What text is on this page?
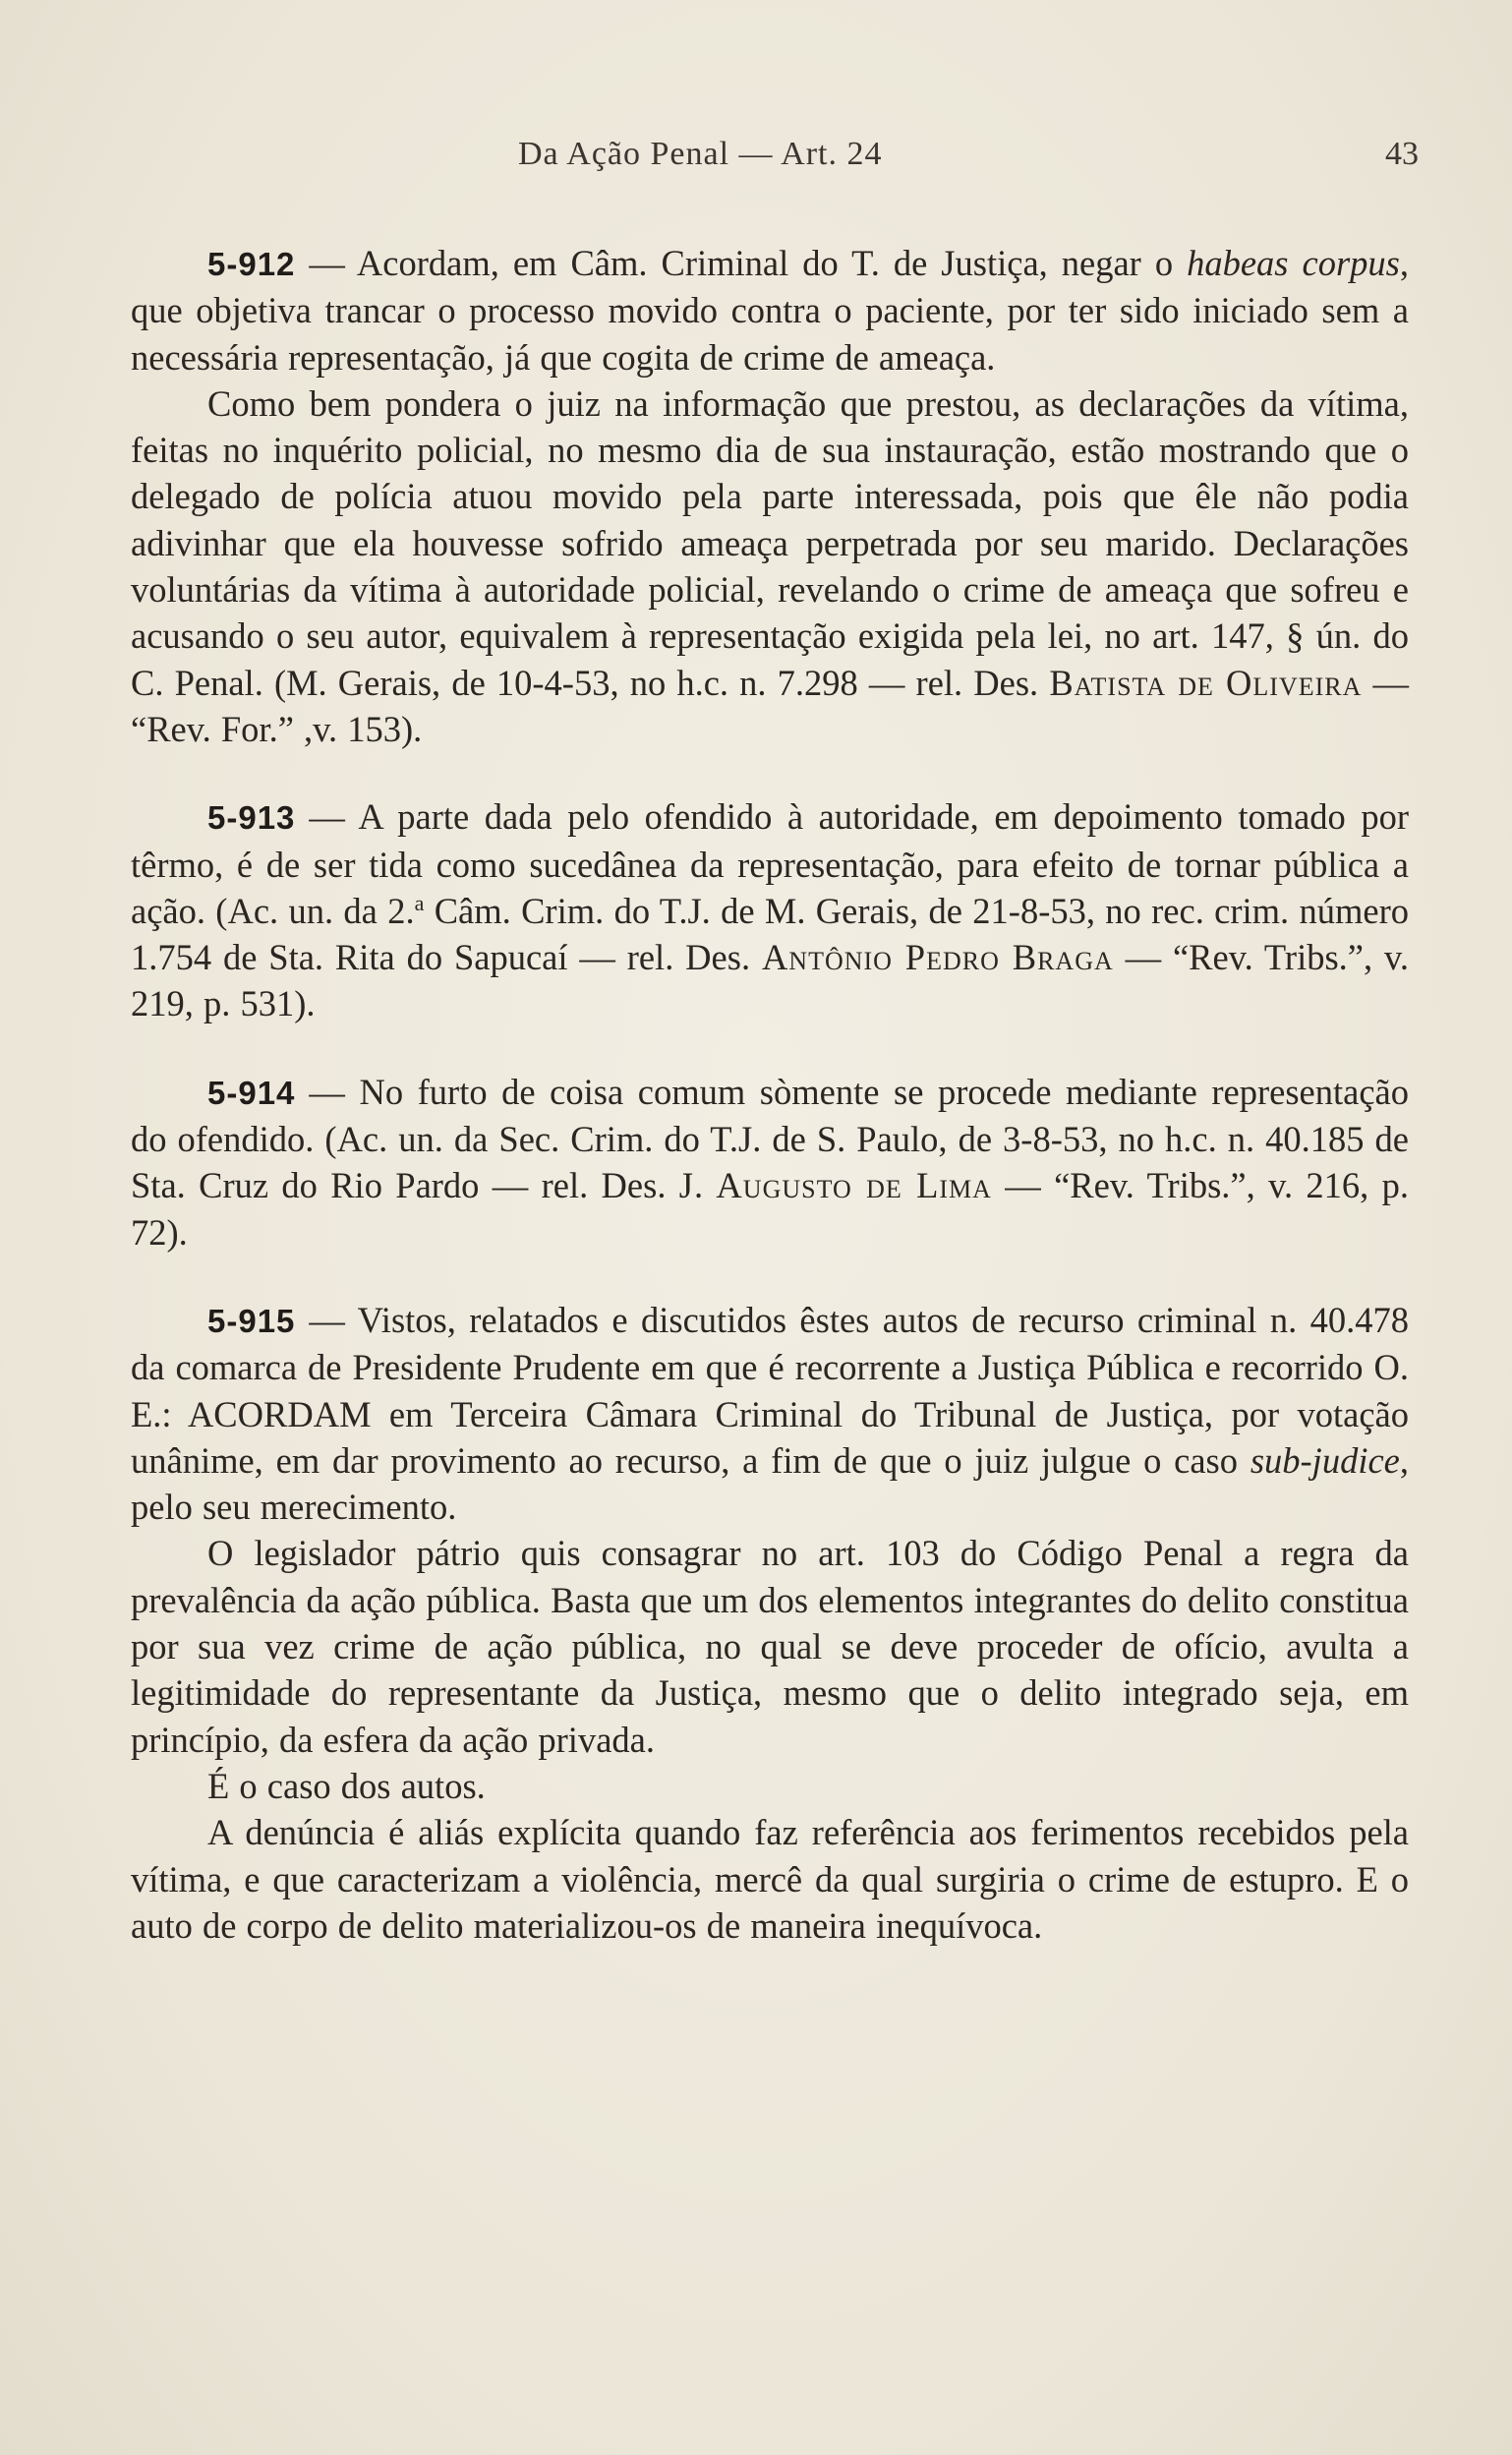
Da Ação Penal — Art. 24	43

5-912 — Acordam, em Câm. Criminal do T. de Justiça, negar o habeas corpus, que objetiva trancar o processo movido contra o paciente, por ter sido iniciado sem a necessária representação, já que cogita de crime de ameaça.

Como bem pondera o juiz na informação que prestou, as declarações da vítima, feitas no inquérito policial, no mesmo dia de sua instauração, estão mostrando que o delegado de polícia atuou movido pela parte interessada, pois que êle não podia adivinhar que ela houvesse sofrido ameaça perpetrada por seu marido. Declarações voluntárias da vítima à autoridade policial, revelando o crime de ameaça que sofreu e acusando o seu autor, equivalem à representação exigida pela lei, no art. 147, § ún. do C. Penal. (M. Gerais, de 10-4-53, no h.c. n. 7.298 — rel. Des. Batista de Oliveira — “Rev. For.” ,v. 153).

5-913 — A parte dada pelo ofendido à autoridade, em depoimento tomado por têrmo, é de ser tida como sucedânea da representação, para efeito de tornar pública a ação. (Ac. un. da 2.$^a$ Câm. Crim. do T.J. de M. Gerais, de 21-8-53, no rec. crim. número 1.754 de Sta. Rita do Sapucaí — rel. Des. Antônio Pedro Braga — “Rev. Tribs.”, v. 219, p. 531).

5-914 — No furto de coisa comum sòmente se procede mediante representação do ofendido. (Ac. un. da Sec. Crim. do T.J. de S. Paulo, de 3-8-53, no h.c. n. 40.185 de Sta. Cruz do Rio Pardo — rel. Des. J. Augusto de Lima — “Rev. Tribs.”, v. 216, p. 72).

5-915 — Vistos, relatados e discutidos êstes autos de recurso criminal n. 40.478 da comarca de Presidente Prudente em que é recorrente a Justiça Pública e recorrido O. E.: ACORDAM em Terceira Câmara Criminal do Tribunal de Justiça, por votação unânime, em dar provimento ao recurso, a fim de que o juiz julgue o caso sub-judice, pelo seu merecimento.

O legislador pátrio quis consagrar no art. 103 do Código Penal a regra da prevalência da ação pública. Basta que um dos elementos integrantes do delito constitua por sua vez crime de ação pública, no qual se deve proceder de ofício, avulta a legitimidade do representante da Justiça, mesmo que o delito integrado seja, em princípio, da esfera da ação privada.

É o caso dos autos.

A denúncia é aliás explícita quando faz referência aos ferimentos recebidos pela vítima, e que caracterizam a violência, mercê da qual surgiria o crime de estupro. E o auto de corpo de delito materializou-os de maneira inequívoca.
